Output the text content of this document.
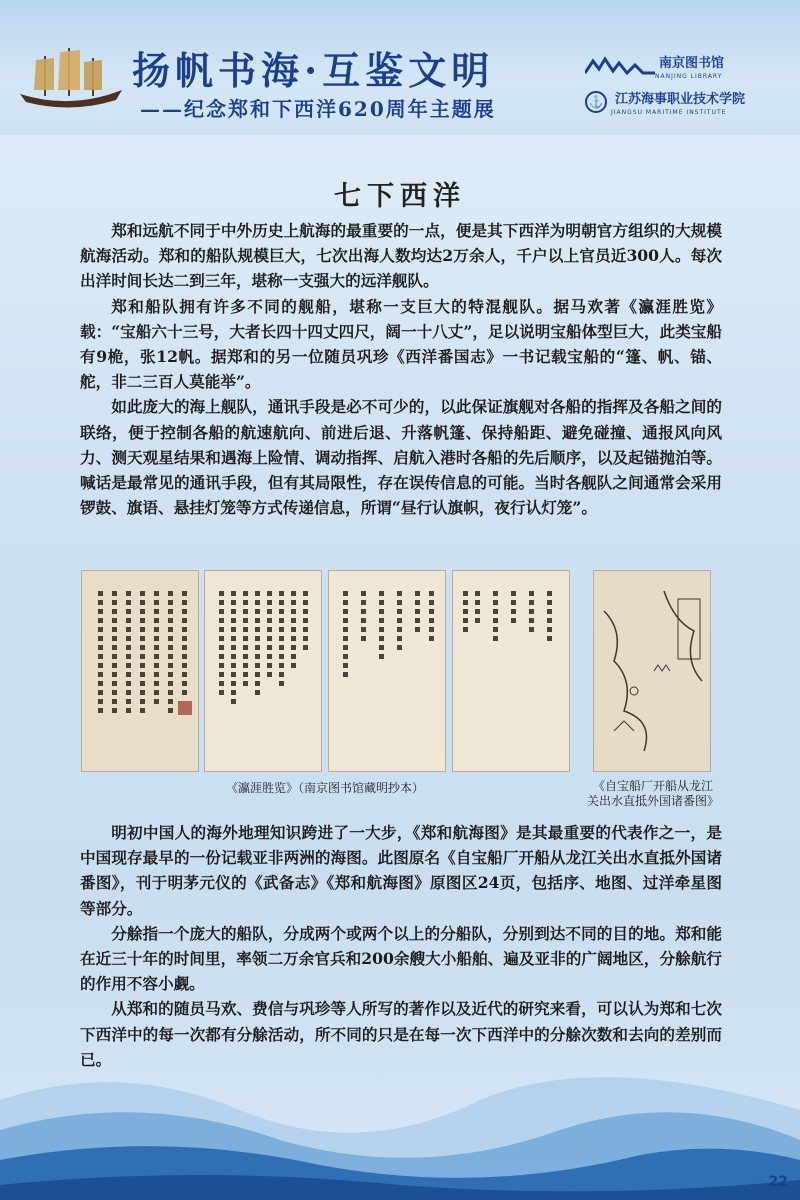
扬帆书海·互鉴文明
——纪念郑和下西洋620周年主题展
南京图书馆
NANJING LIBRARY
⚓ 江苏海事职业技术学院
JIANGSU MARITIME INSTITUTE
七下西洋

郑和远航不同于中外历史上航海的最重要的一点，便是其下西洋为明朝官方组织的大规模航海活动。郑和的船队规模巨大，七次出海人数均达2万余人，千户以上官员近300人。每次出洋时间长达二到三年，堪称一支强大的远洋舰队。

郑和船队拥有许多不同的舰船，堪称一支巨大的特混舰队。据马欢著《瀛涯胜览》载：“宝船六十三号，大者长四十四丈四尺，阔一十八丈”，足以说明宝船体型巨大，此类宝船有9桅，张12帆。据郑和的另一位随员巩珍《西洋番国志》一书记载宝船的“篷、帆、锚、舵，非二三百人莫能举”。

如此庞大的海上舰队，通讯手段是必不可少的，以此保证旗舰对各船的指挥及各船之间的联络，便于控制各船的航速航向、前进后退、升落帆篷、保持船距、避免碰撞、通报风向风力、测天观星结果和遇海上险情、调动指挥、启航入港时各船的先后顺序，以及起锚抛泊等。喊话是最常见的通讯手段，但有其局限性，存在误传信息的可能。当时各舰队之间通常会采用锣鼓、旗语、悬挂灯笼等方式传递信息，所谓“昼行认旗帜，夜行认灯笼”。

《瀛涯胜览》（南京图书馆藏明抄本）	《自宝船厂开船从龙江
关出水直抵外国诸番图》

明初中国人的海外地理知识跨进了一大步，《郑和航海图》是其最重要的代表作之一，是中国现存最早的一份记载亚非两洲的海图。此图原名《自宝船厂开船从龙江关出水直抵外国诸番图》，刊于明茅元仪的《武备志》《郑和航海图》原图区24页，包括序、地图、过洋牵星图等部分。

分艅指一个庞大的船队，分成两个或两个以上的分船队，分别到达不同的目的地。郑和能在近三十年的时间里，率领二万余官兵和200余艘大小船舶、遍及亚非的广阔地区，分艅航行的作用不容小觑。

从郑和的随员马欢、费信与巩珍等人所写的著作以及近代的研究来看，可以认为郑和七次下西洋中的每一次都有分艅活动，所不同的只是在每一次下西洋中的分艅次数和去向的差别而已。

22
